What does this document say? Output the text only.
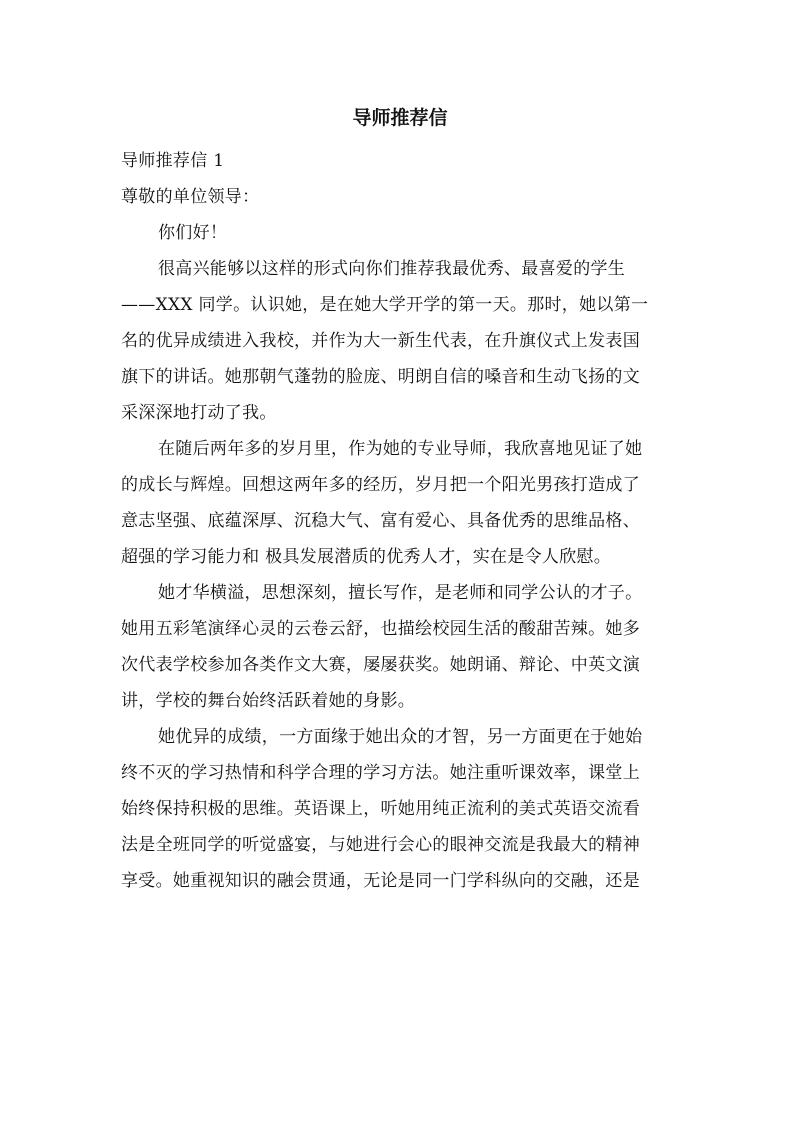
导师推荐信
导师推荐信 1
尊敬的单位领导：
你们好！
很高兴能够以这样的形式向你们推荐我最优秀、最喜爱的学生
——XXX 同学。认识她，是在她大学开学的第一天。那时，她以第一
名的优异成绩进入我校，并作为大一新生代表，在升旗仪式上发表国
旗下的讲话。她那朝气蓬勃的脸庞、明朗自信的嗓音和生动飞扬的文
采深深地打动了我。
在随后两年多的岁月里，作为她的专业导师，我欣喜地见证了她
的成长与辉煌。回想这两年多的经历，岁月把一个阳光男孩打造成了
意志坚强、底蕴深厚、沉稳大气、富有爱心、具备优秀的思维品格、
超强的学习能力和 极具发展潜质的优秀人才，实在是令人欣慰。
她才华横溢，思想深刻，擅长写作，是老师和同学公认的才子。
她用五彩笔演绎心灵的云卷云舒，也描绘校园生活的酸甜苦辣。她多
次代表学校参加各类作文大赛，屡屡获奖。她朗诵、辩论、中英文演
讲，学校的舞台始终活跃着她的身影。
她优异的成绩，一方面缘于她出众的才智，另一方面更在于她始
终不灭的学习热情和科学合理的学习方法。她注重听课效率，课堂上
始终保持积极的思维。英语课上，听她用纯正流利的美式英语交流看
法是全班同学的听觉盛宴，与她进行会心的眼神交流是我最大的精神
享受。她重视知识的融会贯通，无论是同一门学科纵向的交融，还是
